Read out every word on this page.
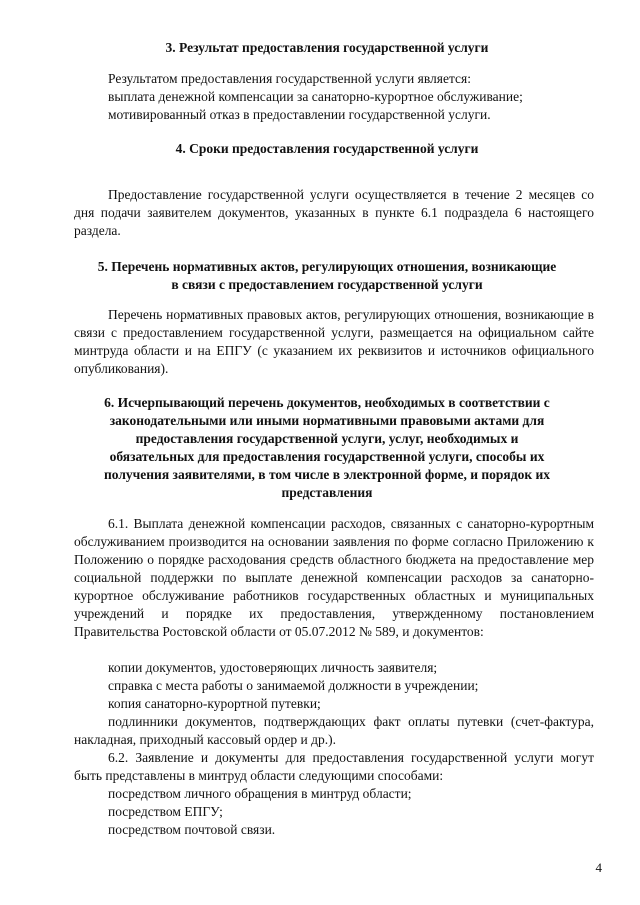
3. Результат предоставления государственной услуги
Результатом предоставления государственной услуги является:
выплата денежной компенсации за санаторно-курортное обслуживание;
мотивированный отказ в предоставлении государственной услуги.
4. Сроки предоставления государственной услуги

Предоставление государственной услуги осуществляется в течение 2 месяцев со дня подачи заявителем документов, указанных в пункте 6.1 подраздела 6 настоящего раздела.

5. Перечень нормативных актов, регулирующих отношения, возникающие
в связи с предоставлением государственной услуги

Перечень нормативных правовых актов, регулирующих отношения, возникающие в связи с предоставлением государственной услуги, размещается на официальном сайте минтруда области и на ЕПГУ (с указанием их реквизитов и источников официального опубликования).

6. Исчерпывающий перечень документов, необходимых в соответствии с
законодательными или иными нормативными правовыми актами для
предоставления государственной услуги, услуг, необходимых и
обязательных для предоставления государственной услуги, способы их
получения заявителями, в том числе в электронной форме, и порядок их
представления

6.1. Выплата денежной компенсации расходов, связанных с санаторно-курортным обслуживанием производится на основании заявления по форме согласно Приложению к Положению о порядке расходования средств областного бюджета на предоставление мер социальной поддержки по выплате денежной компенсации расходов за санаторно-курортное обслуживание работников государственных областных и муниципальных учреждений и порядке их предоставления, утвержденному постановлением Правительства Ростовской области от 05.07.2012 № 589, и документов:

копии документов, удостоверяющих личность заявителя;
справка с места работы о занимаемой должности в учреждении;
копия санаторно-курортной путевки;

подлинники документов, подтверждающих факт оплаты путевки (счет-фактура, накладная, приходный кассовый ордер и др.).

6.2. Заявление и документы для предоставления государственной услуги могут быть представлены в минтруд области следующими способами:

посредством личного обращения в минтруд области;
посредством ЕПГУ;
посредством почтовой связи.
4
